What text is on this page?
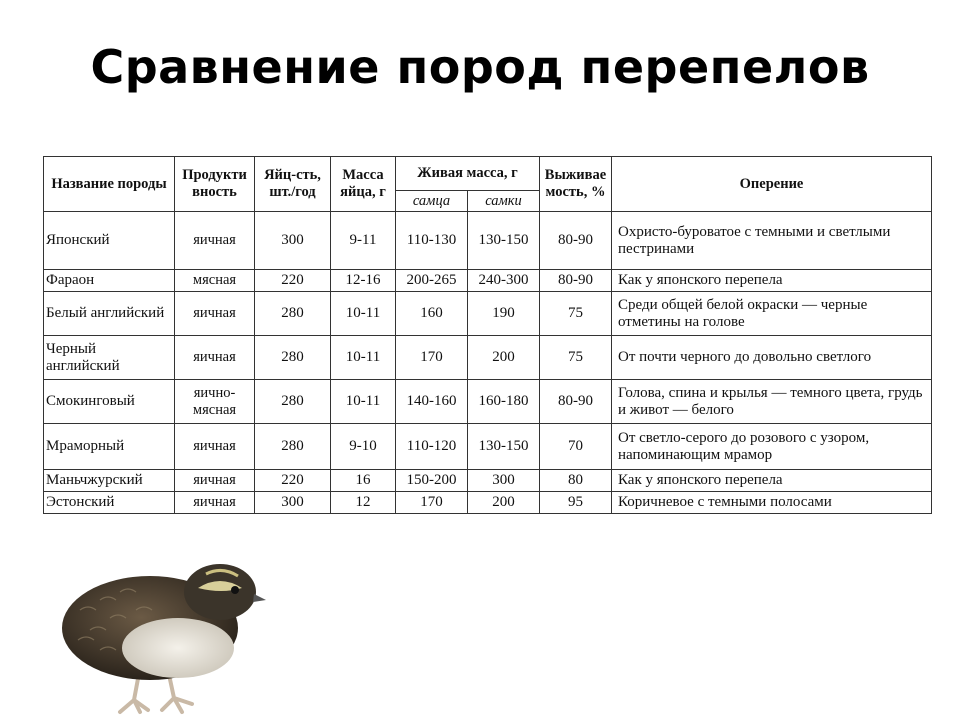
Сравнение пород перепелов
Название породы	Продукти вность	Яйц-сть, шт./год	Масса яйца, г	Живая масса, г		Выживае мость, %	Оперение
				самца	самки		
Японский	яичная	300	9-11	110-130	130-150	80-90	Охристо-буроватое с темными и светлыми пестринами
Фараон	мясная	220	12-16	200-265	240-300	80-90	Как у японского перепела
Белый английский	яичная	280	10-11	160	190	75	Среди общей белой окраски — черные отметины на голове
Черный английский	яичная	280	10-11	170	200	75	От почти черного до довольно светлого
Смокинговый	яично-мясная	280	10-11	140-160	160-180	80-90	Голова, спина и крылья — темного цвета, грудь и живот — белого
Мраморный	яичная	280	9-10	110-120	130-150	70	От светло-серого до розового с узором, напоминающим мрамор
Маньчжурский	яичная	220	16	150-200	300	80	Как у японского перепела
Эстонский	яичная	300	12	170	200	95	Коричневое с темными полосами
